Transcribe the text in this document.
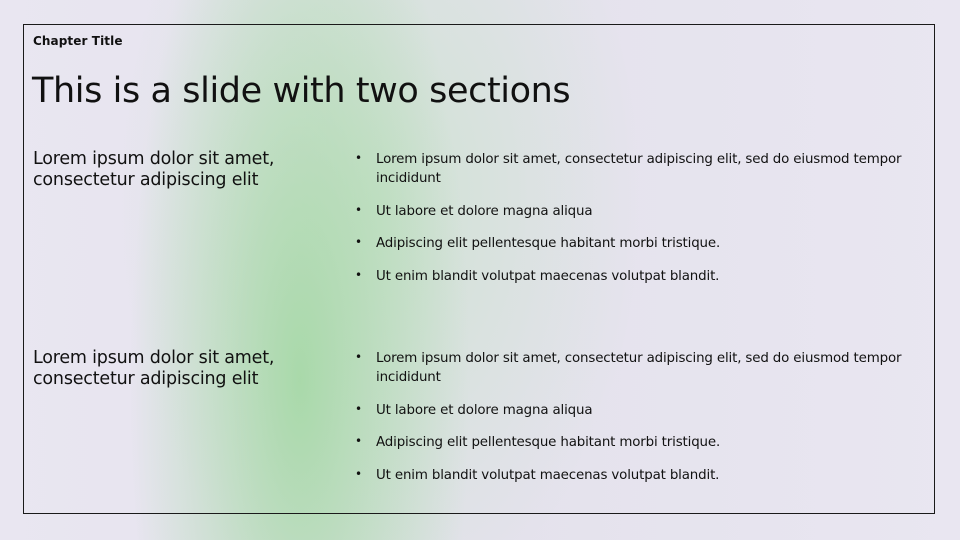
Chapter Title
This is a slide with two sections
Lorem ipsum dolor sit amet, consectetur adipiscing elit
• Lorem ipsum dolor sit amet, consectetur adipiscing elit, sed do eiusmod tempor incididunt
• Ut labore et dolore magna aliqua
• Adipiscing elit pellentesque habitant morbi tristique.
• Ut enim blandit volutpat maecenas volutpat blandit.
Lorem ipsum dolor sit amet, consectetur adipiscing elit
• Lorem ipsum dolor sit amet, consectetur adipiscing elit, sed do eiusmod tempor incididunt
• Ut labore et dolore magna aliqua
• Adipiscing elit pellentesque habitant morbi tristique.
• Ut enim blandit volutpat maecenas volutpat blandit.
